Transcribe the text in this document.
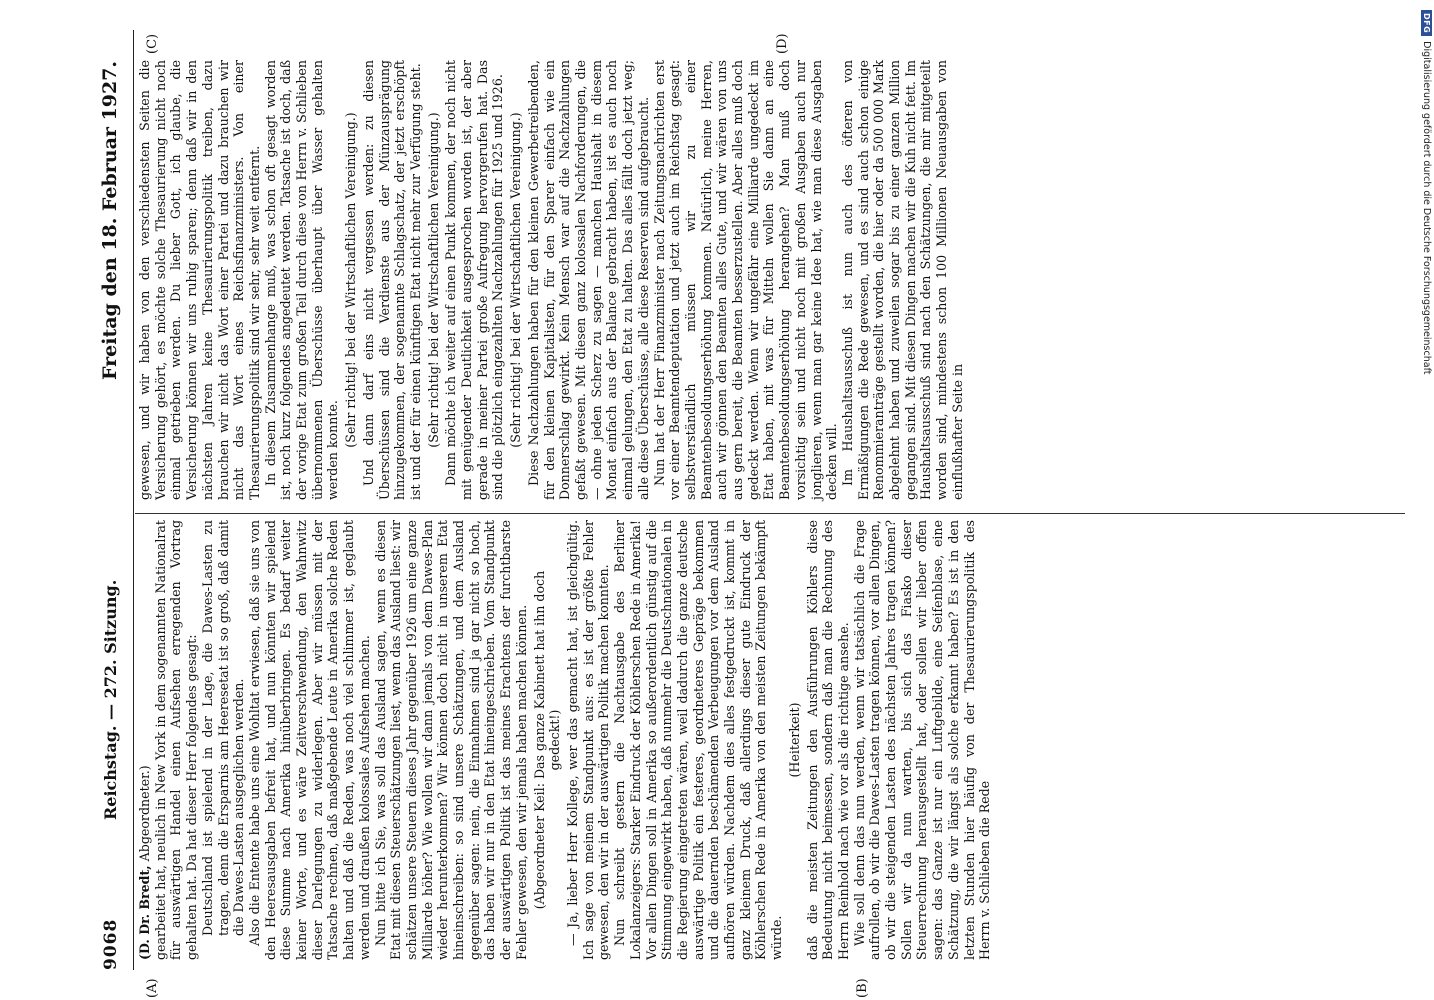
9068
Reichstag. — 272. Sitzung.
Freitag den 18. Februar 1927.
(A)	(B)
(C)	(D)

(D. Dr. Bredt, Abgeordneter.) gearbeitet hat, neulich in New York in dem sogenannten Nationalrat für auswärtigen Handel einen Aufsehen erregenden Vortrag gehalten hat. Da hat dieser Herr folgendes gesagt: Deutschland ist spielend in der Lage, die Dawes-Lasten zu tragen, denn die Ersparnis am Heeresetat ist so groß, daß damit die Dawes-Lasten ausgeglichen werden. Also die Entente habe uns eine Wohltat erwiesen, daß sie uns von den Heeresausgaben befreit hat, und nun könnten wir spielend diese Summe nach Amerika hinüberbringen. Es bedarf weiter keiner Worte, und es wäre Zeitverschwendung, den Wahnwitz dieser Darlegungen zu widerlegen. Aber wir müssen mit der Tatsache rechnen, daß maßgebende Leute in Amerika solche Reden halten und daß die Reden, was noch viel schlimmer ist, geglaubt werden und draußen kolossales Aufsehen machen. Nun bitte ich Sie, was soll das Ausland sagen, wenn es diesen Etat mit diesen Steuerschätzungen liest, wenn das Ausland liest: wir schätzen unsere Steuern dieses Jahr gegenüber 1926 um eine ganze Milliarde höher? Wie wollen wir dann jemals von dem Dawes-Plan wieder herunterkommen? Wir können doch nicht in unserem Etat hineinschreiben: so sind unsere Schätzungen, und dem Ausland gegenüber sagen: nein, die Einnahmen sind ja gar nicht so hoch, das haben wir nur in den Etat hineingeschrieben. Vom Standpunkt der auswärtigen Politik ist das meines Erachtens der furchtbarste Fehler gewesen, den wir jemals haben machen können. (Abgeordneter Keil: Das ganze Kabinett hat ihn doch gedeckt!) — Ja, lieber Herr Kollege, wer das gemacht hat, ist gleichgültig. Ich sage von meinem Standpunkt aus: es ist der größte Fehler gewesen, den wir in der auswärtigen Politik machen konnten. Nun schreibt gestern die Nachtausgabe des Berliner Lokalanzeigers: Starker Eindruck der Köhlerschen Rede in Amerika! Vor allen Dingen soll in Amerika so außerordentlich günstig auf die Stimmung eingewirkt haben, daß nunmehr die Deutschnationalen in die Regierung eingetreten wären, weil dadurch die ganze deutsche auswärtige Politik ein festeres, geordneteres Gepräge bekommen und die dauernden beschämenden Verbeugungen vor dem Ausland aufhören würden. Nachdem dies alles festgedruckt ist, kommt in ganz kleinem Druck, daß allerdings dieser gute Eindruck der Köhlerschen Rede in Amerika von den meisten Zeitungen bekämpft würde.

(Heiterkeit) daß die meisten Zeitungen den Ausführungen Köhlers diese Bedeutung nicht beimessen, sondern daß man die Rechnung des Herrn Reinhold nach wie vor als die richtige ansehe. Wie soll denn das nun werden, wenn wir tatsächlich die Frage aufrollen, ob wir die Dawes-Lasten tragen können, vor allen Dingen, ob wir die steigenden Lasten des nächsten Jahres tragen können? Sollen wir da nun warten, bis sich das Fiasko dieser Steuerrechnung herausgestellt hat, oder sollen wir lieber offen sagen: das Ganze ist nur ein Luftgebilde, eine Seifenblase, eine Schätzung, die wir längst als solche erkannt haben? Es ist in den letzten Stunden hier häufig von der Thesaurierungspolitik des Herrn v. Schlieben die Rede

gewesen, und wir haben von den verschiedensten Seiten die Versicherung gehört, es möchte solche Thesaurierung nicht noch einmal getrieben werden. Du lieber Gott, ich glaube, die Versicherung können wir uns ruhig sparen; denn daß wir in den nächsten Jahren keine Thesaurierungspolitik treiben, dazu brauchen wir nicht das Wort einer Partei und dazu brauchen wir nicht das Wort eines Reichsfinanzministers. Von einer Thesaurierungspolitik sind wir sehr, sehr weit entfernt. In diesem Zusammenhange muß, was schon oft gesagt worden ist, noch kurz folgendes angedeutet werden. Tatsache ist doch, daß der vorige Etat zum großen Teil durch diese von Herrn v. Schlieben übernommenen Überschüsse überhaupt über Wasser gehalten werden konnte.

(Sehr richtig! bei der Wirtschaftlichen Vereinigung.) Und dann darf eins nicht vergessen werden: zu diesen Überschüssen sind die Verdienste aus der Münzausprägung hinzugekommen, der sogenannte Schlagschatz, der jetzt erschöpft ist und der für einen künftigen Etat nicht mehr zur Verfügung steht. (Sehr richtig! bei der Wirtschaftlichen Vereinigung.) Dann möchte ich weiter auf einen Punkt kommen, der noch nicht mit genügender Deutlichkeit ausgesprochen worden ist, der aber gerade in meiner Partei große Aufregung hervorgerufen hat. Das sind die plötzlich eingezahlten Nachzahlungen für 1925 und 1926. (Sehr richtig! bei der Wirtschaftlichen Vereinigung.) Diese Nachzahlungen haben für den kleinen Gewerbetreibenden, für den kleinen Kapitalisten, für den Sparer einfach wie ein Donnerschlag gewirkt. Kein Mensch war auf die Nachzahlungen gefaßt gewesen. Mit diesen ganz kolossalen Nachforderungen, die — ohne jeden Scherz zu sagen — manchen Haushalt in diesem Monat einfach aus der Balance gebracht haben, ist es auch noch einmal gelungen, den Etat zu halten. Das alles fällt doch jetzt weg; alle diese Überschüsse, alle diese Reserven sind aufgebraucht. Nun hat der Herr Finanzminister nach Zeitungsnachrichten erst vor einer Beamtendeputation und jetzt auch im Reichstag gesagt: selbstverständlich müssen wir zu einer Beamtenbesoldungserhöhung kommen. Natürlich, meine Herren, auch wir gönnen den Beamten alles Gute, und wir wären von uns aus gern bereit, die Beamten besserzustellen. Aber alles muß doch gedeckt werden. Wenn wir ungefähr eine Milliarde ungedeckt im Etat haben, mit was für Mitteln wollen Sie dann an eine Beamtenbesoldungserhöhung herangehen? Man muß doch vorsichtig sein und nicht noch mit großen Ausgaben auch nur jonglieren, wenn man gar keine Idee hat, wie man diese Ausgaben decken will. Im Haushaltsausschuß ist nun auch des öfteren von Ermäßigungen die Rede gewesen, und es sind auch schon einige Renommieranträge gestellt worden, die hier oder da 500 000 Mark abgelehnt haben und zuweilen sogar bis zu einer ganzen Million gegangen sind. Mit diesen Dingen machen wir die Kuh nicht fett. Im Haushaltsausschuß sind nach den Schätzungen, die mir mitgeteilt worden sind, mindestens schon 100 Millionen Neuausgaben von einflußhafter Seite in

DFG
Digitalisierung gefördert durch die Deutsche Forschungsgemeinschaft
